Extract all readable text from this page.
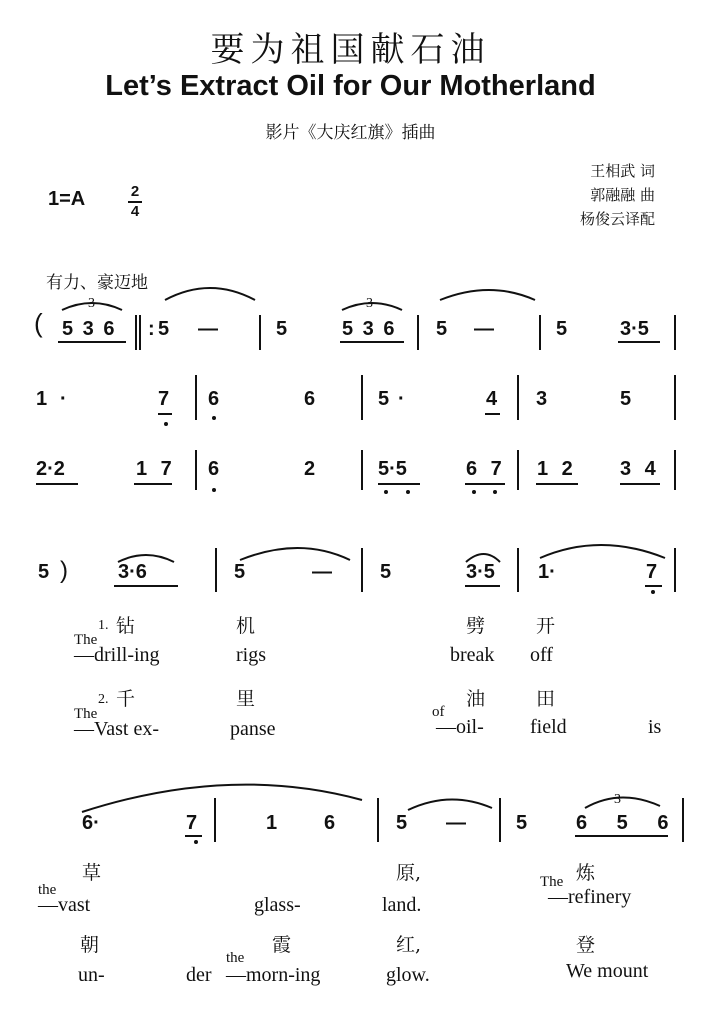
要为祖国献石油
Let’s Extract Oil for Our Motherland
影片《大庆红旗》插曲
王相武 词
郭融融 曲
杨俊云译配
1=A	2
4
有力、豪迈地
(
3
5 3 6 : 5 —	5
3
5 3 6 5 —	5	3·5
1 ·	7 6	6	5 ·	4 3	5
2·2	1 7 6	2	5·5	6 7 1 2 3 4
5 )	3·6	5	— 5	3·5 1·	7
1. 钻	机	劈	开
The
—drill-ing	rigs	break off
2. 千	里	油	田
The	of
—Vast ex-	panse	—oil- field	is
6·	7	1 6	5 —	5
3
6 5 6
草	原,	炼
the	The
—vast	glass-	land.	—refinery
朝	霞	红,	登
the
un-	der —morn-ing	glow.	We mount
